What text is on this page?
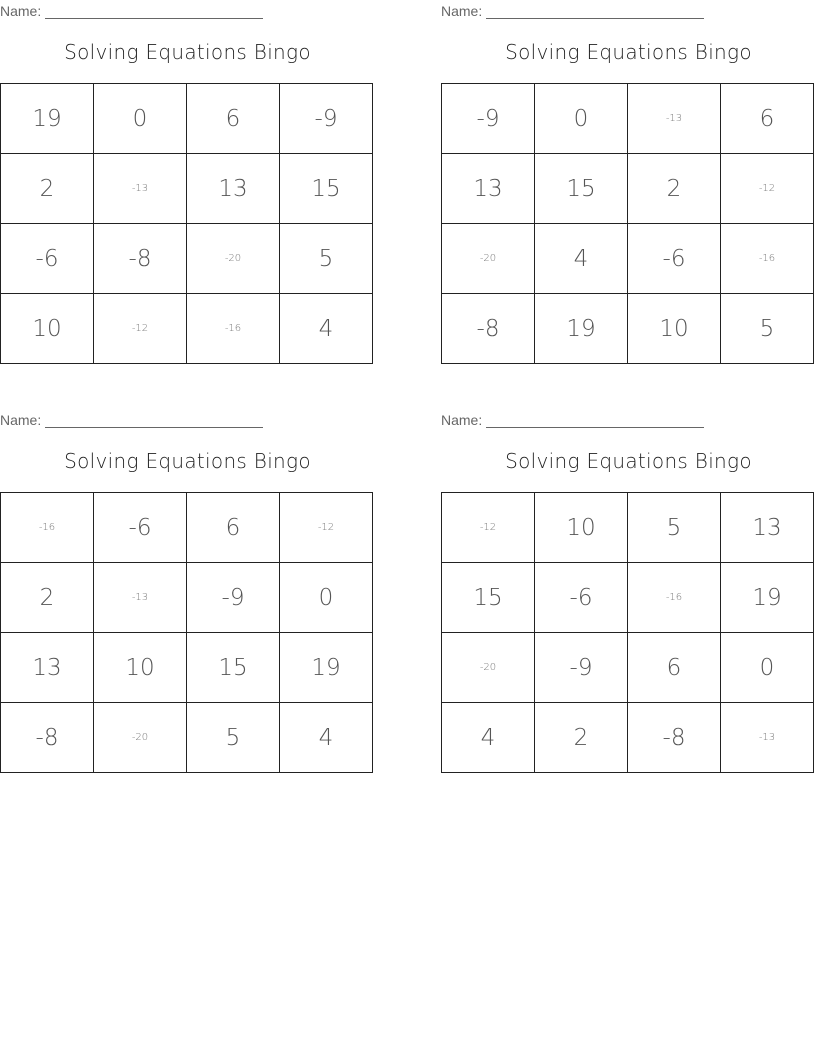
Name:
Solving Equations Bingo
19	0	6	-9
2	-13	13	15
-6	-8	-20	5
10	-12	-16	4
Name:
Solving Equations Bingo
-9	0	-13	6
13	15	2	-12
-20	4	-6	-16
-8	19	10	5
Name:
Solving Equations Bingo
-16	-6	6	-12
2	-13	-9	0
13	10	15	19
-8	-20	5	4
Name:
Solving Equations Bingo
-12	10	5	13
15	-6	-16	19
-20	-9	6	0
4	2	-8	-13
